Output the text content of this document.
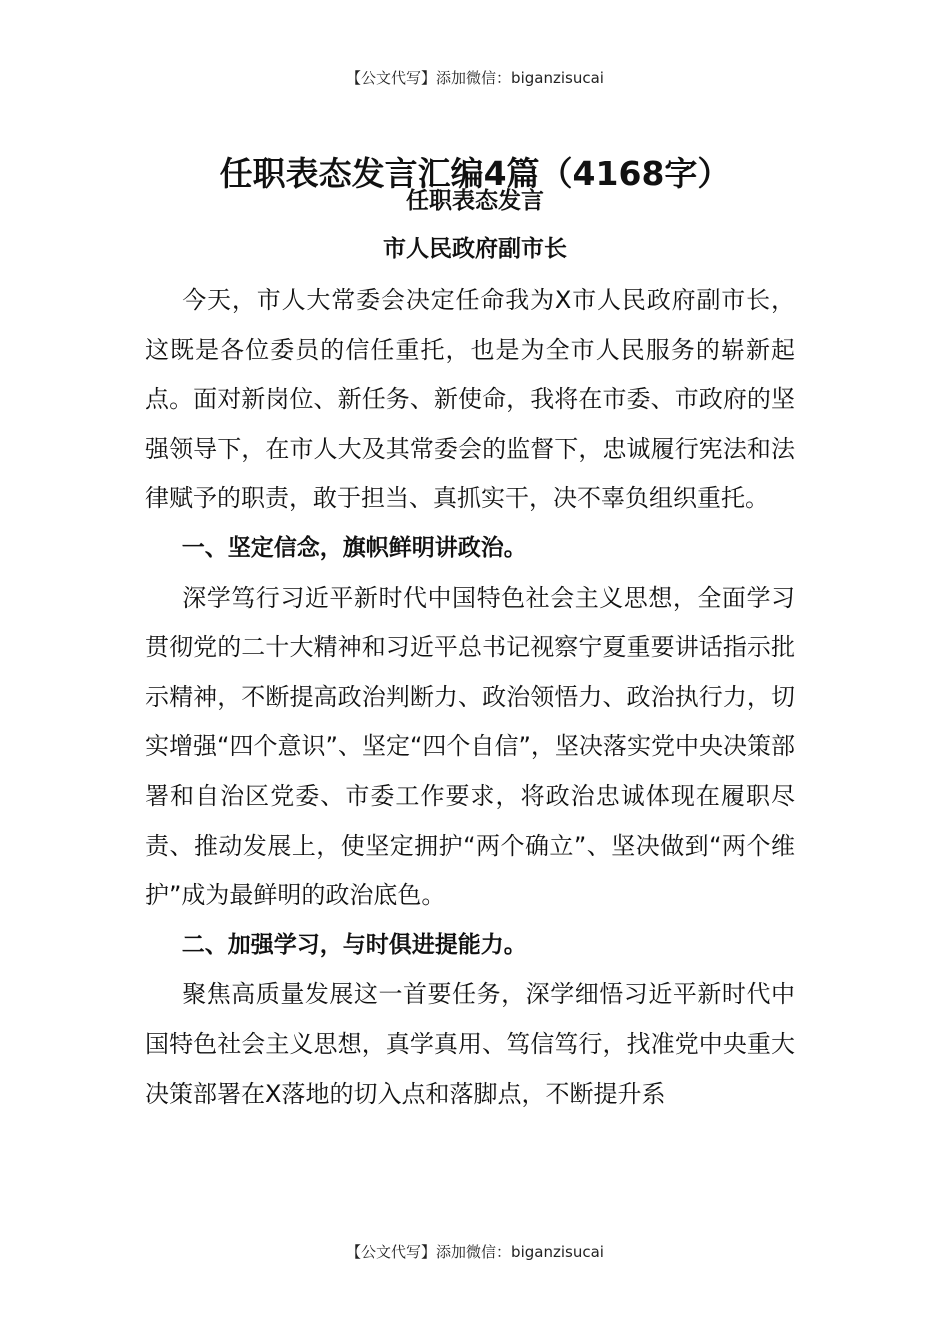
【公文代写】添加微信：biganzisucai
任职表态发言汇编4篇（4168字）
任职表态发言
市人民政府副市长

今天，市人大常委会决定任命我为X市人民政府副市长，这既是各位委员的信任重托，也是为全市人民服务的崭新起点。面对新岗位、新任务、新使命，我将在市委、市政府的坚强领导下，在市人大及其常委会的监督下，忠诚履行宪法和法律赋予的职责，敢于担当、真抓实干，决不辜负组织重托。

一、坚定信念，旗帜鲜明讲政治。

深学笃行习近平新时代中国特色社会主义思想，全面学习贯彻党的二十大精神和习近平总书记视察宁夏重要讲话指示批示精神，不断提高政治判断力、政治领悟力、政治执行力，切实增强“四个意识”、坚定“四个自信”，坚决落实党中央决策部署和自治区党委、市委工作要求，将政治忠诚体现在履职尽责、推动发展上，使坚定拥护“两个确立”、坚决做到“两个维护”成为最鲜明的政治底色。

二、加强学习，与时俱进提能力。

聚焦高质量发展这一首要任务，深学细悟习近平新时代中国特色社会主义思想，真学真用、笃信笃行，找准党中央重大决策部署在X落地的切入点和落脚点，不断提升系

【公文代写】添加微信：biganzisucai
